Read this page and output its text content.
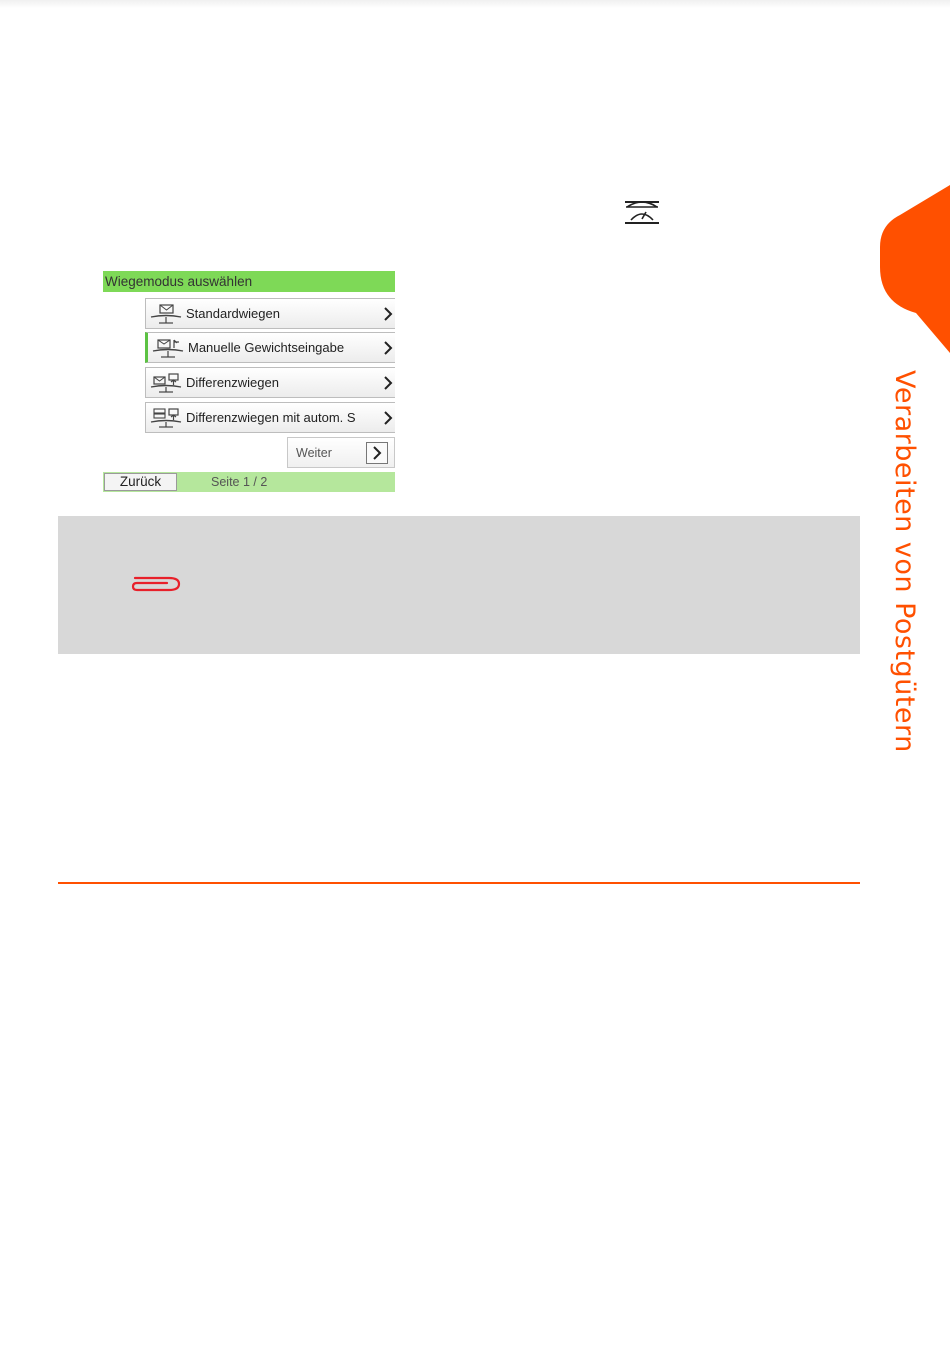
Verarbeiten von Postgütern
Wiegemodus auswählen
Standardwiegen
Manuelle Gewichtseingabe
Differenzwiegen
Differenzwiegen mit autom. S
Weiter
Zurück	Seite 1 / 2
